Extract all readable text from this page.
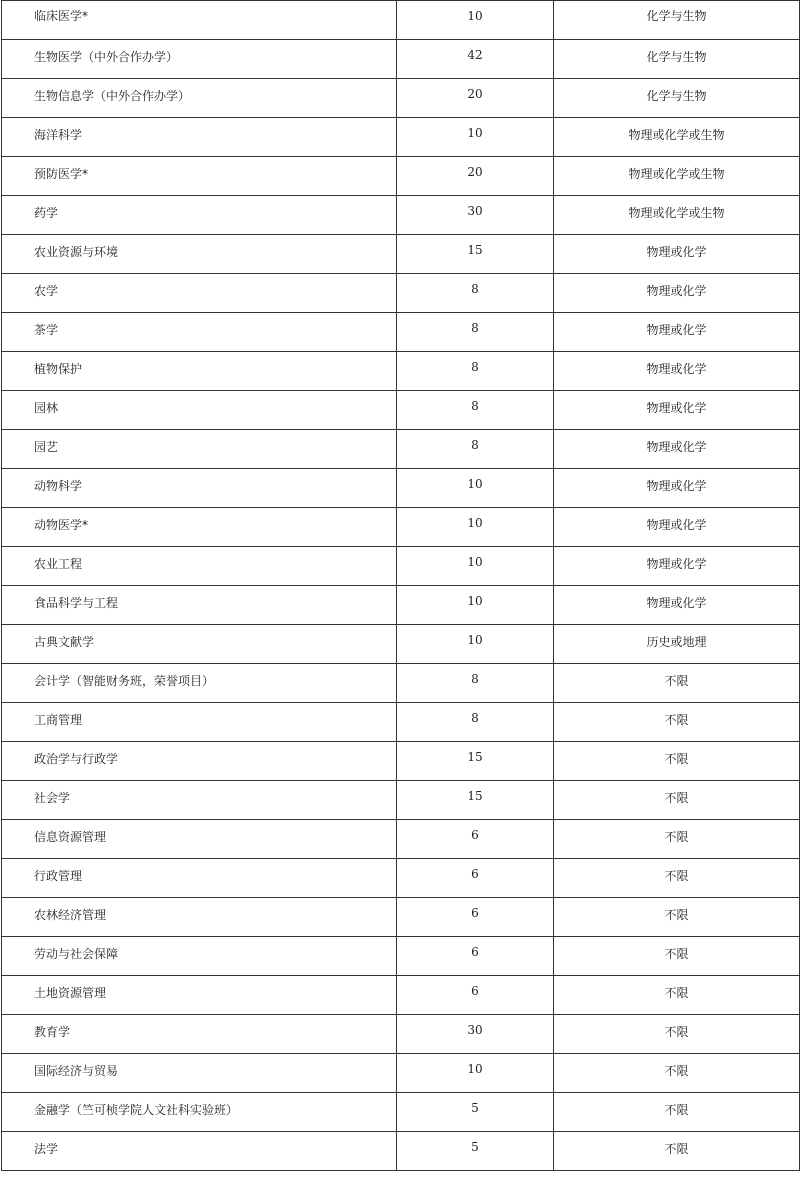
临床医学*	10	化学与生物
生物医学（中外合作办学）	42	化学与生物
生物信息学（中外合作办学）	20	化学与生物
海洋科学	10	物理或化学或生物
预防医学*	20	物理或化学或生物
药学	30	物理或化学或生物
农业资源与环境	15	物理或化学
农学	8	物理或化学
茶学	8	物理或化学
植物保护	8	物理或化学
园林	8	物理或化学
园艺	8	物理或化学
动物科学	10	物理或化学
动物医学*	10	物理或化学
农业工程	10	物理或化学
食品科学与工程	10	物理或化学
古典文献学	10	历史或地理
会计学（智能财务班，荣誉项目）	8	不限
工商管理	8	不限
政治学与行政学	15	不限
社会学	15	不限
信息资源管理	6	不限
行政管理	6	不限
农林经济管理	6	不限
劳动与社会保障	6	不限
土地资源管理	6	不限
教育学	30	不限
国际经济与贸易	10	不限
金融学（竺可桢学院人文社科实验班）	5	不限
法学	5	不限
